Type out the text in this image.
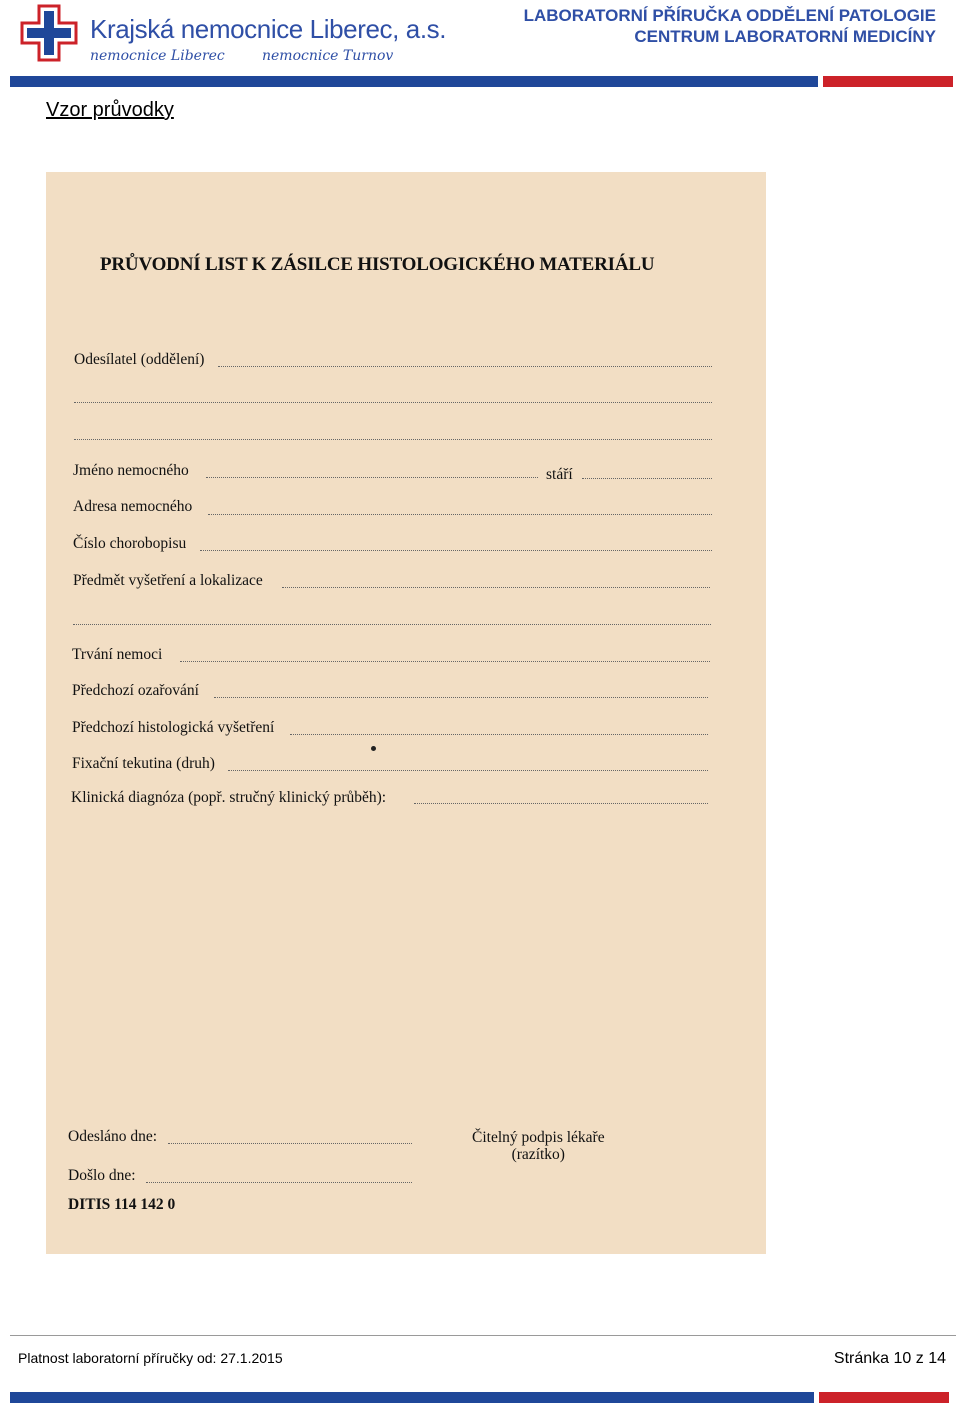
Krajská nemocnice Liberec, a.s.
nemocnice Liberec	nemocnice Turnov
LABORATORNÍ PŘÍRUČKA ODDĚLENÍ PATOLOGIE
CENTRUM LABORATORNÍ MEDICÍNY
Vzor průvodky
PRŮVODNÍ LIST K ZÁSILCE HISTOLOGICKÉHO MATERIÁLU
Odesílatel (oddělení)
Jméno nemocného	stáří
Adresa nemocného
Číslo chorobopisu
Předmět vyšetření a lokalizace
Trvání nemoci
Předchozí ozařování
Předchozí histologická vyšetření
Fixační tekutina (druh)
Klinická diagnóza (popř. stručný klinický průběh):
Odesláno dne:	Čitelný podpis lékaře
(razítko)
Došlo dne:
DITIS 114 142 0
Platnost laboratorní příručky od: 27.1.2015	Stránka 10 z 14
